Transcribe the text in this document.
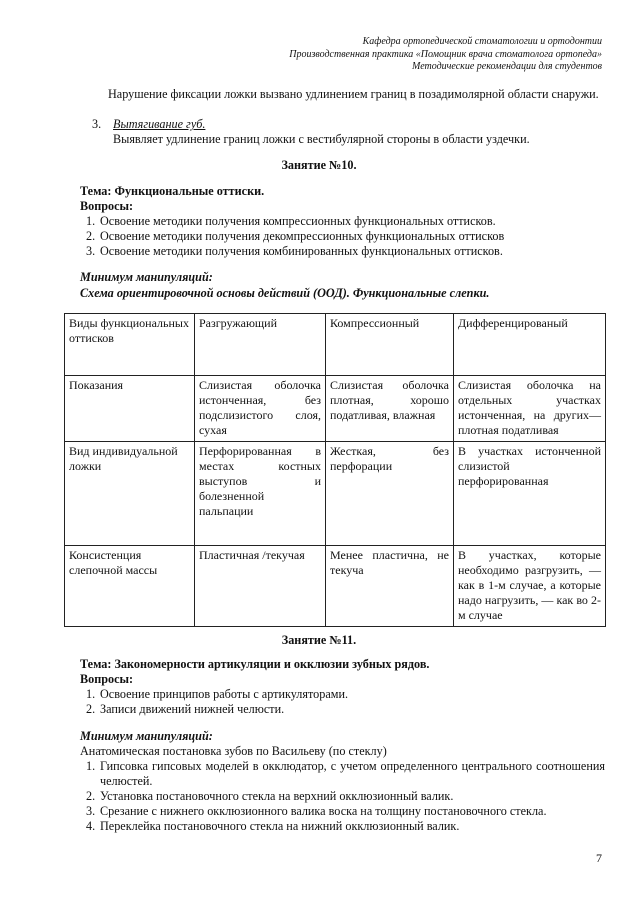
Кафедра ортопедической стоматологии и ортодонтии
Производственная практика «Помощник врача стоматолога ортопеда»
Методические рекомендации для студентов
Нарушение фиксации ложки вызвано удлинением границ в позадимолярной области снаружи.
3. Вытягивание губ.
Выявляет удлинение границ ложки с вестибулярной стороны в области уздечки.
Занятие №10.
Тема: Функциональные оттиски.
Вопросы:
1. Освоение методики получения компрессионных функциональных оттисков.
2. Освоение методики получения декомпрессионных функциональных оттисков
3. Освоение методики получения комбинированных функциональных оттисков.
Минимум манипуляций:
Схема ориентировочной основы действий (ООД). Функциональные слепки.
Виды функциональных оттисков	Разгружающий	Компрессионный	Дифференцированый
Показания	Слизистая оболочка истонченная, без подслизистого слоя, сухая	Слизистая оболочка плотная, хорошо податливая, влажная	Слизистая оболочка на отдельных участках истонченная, на других— плотная податливая
Вид индивидуальной ложки	Перфорированная в местах костных выступов и болезненной пальпации	Жесткая, без перфорации	В участках истонченной слизистой перфорированная
Консистенция слепочной массы	Пластичная /текучая	Менее пластична, не текуча	В участках, которые необходимо разгрузить, — как в 1-м случае, а которые надо нагрузить, — как во 2-м случае
Занятие №11.
Тема: Закономерности артикуляции и окклюзии зубных рядов.
Вопросы:
1. Освоение принципов работы с артикуляторами.
2. Записи движений нижней челюсти.
Минимум манипуляций:
Анатомическая постановка зубов по Васильеву (по стеклу)
1. Гипсовка гипсовых моделей в окклюдатор, с учетом определенного центрального соотношения челюстей.
2. Установка постановочного стекла на верхний окклюзионный валик.
3. Срезание с нижнего окклюзионного валика воска на толщину постановочного стекла.
4. Переклейка постановочного стекла на нижний окклюзионный валик.
7
